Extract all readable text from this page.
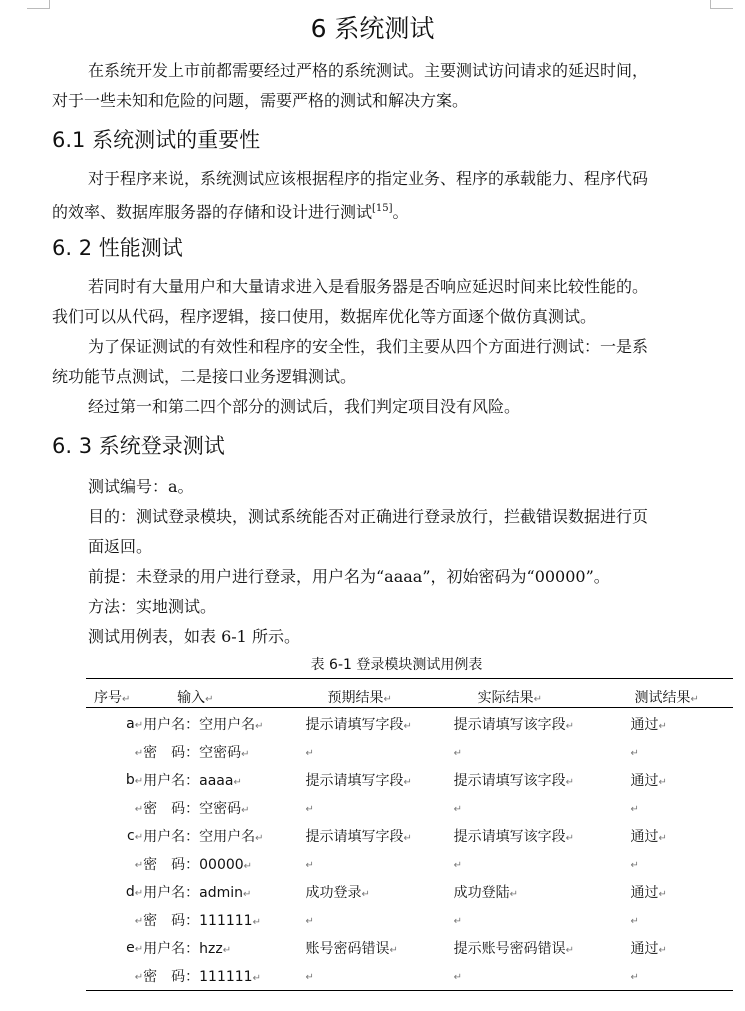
6 系统测试
在系统开发上市前都需要经过严格的系统测试。主要测试访问请求的延迟时间，
对于一些未知和危险的问题，需要严格的测试和解决方案。
6.1 系统测试的重要性
对于程序来说，系统测试应该根据程序的指定业务、程序的承载能力、程序代码
的效率、数据库服务器的存储和设计进行测试[15]。
6. 2 性能测试
若同时有大量用户和大量请求进入是看服务器是否响应延迟时间来比较性能的。
我们可以从代码，程序逻辑，接口使用，数据库优化等方面逐个做仿真测试。
为了保证测试的有效性和程序的安全性，我们主要从四个方面进行测试：一是系
统功能节点测试，二是接口业务逻辑测试。
经过第一和第二四个部分的测试后，我们判定项目没有风险。
6. 3 系统登录测试
测试编号：a。
目的：测试登录模块，测试系统能否对正确进行登录放行，拦截错误数据进行页
面返回。
前提：未登录的用户进行登录，用户名为“aaaa”，初始密码为“00000”。
方法：实地测试。
测试用例表，如表 6-1 所示。
表 6-1 登录模块测试用例表
序号↵	输入↵	预期结果↵	实际结果↵	测试结果↵
a↵	用户名：空用户名↵	提示请填写字段↵	提示请填写该字段↵	通过↵
↵	密　码：空密码↵	↵	↵	↵
b↵	用户名：aaaa↵	提示请填写字段↵	提示请填写该字段↵	通过↵
↵	密　码：空密码↵	↵	↵	↵
c↵	用户名：空用户名↵	提示请填写字段↵	提示请填写该字段↵	通过↵
↵	密　码：00000↵	↵	↵	↵
d↵	用户名：admin↵	成功登录↵	成功登陆↵	通过↵
↵	密　码：111111↵	↵	↵	↵
e↵	用户名：hzz↵	账号密码错误↵	提示账号密码错误↵	通过↵
↵	密　码：111111↵	↵	↵	↵
